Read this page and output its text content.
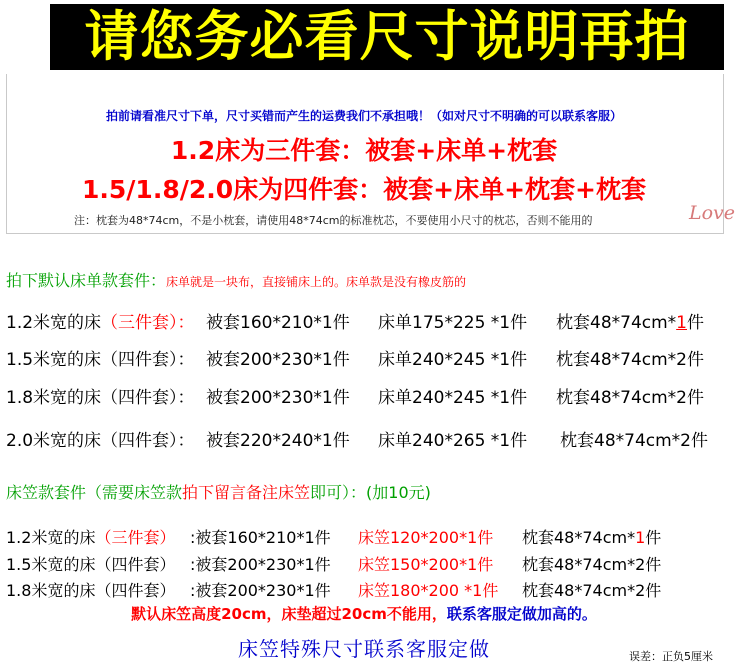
请您务必看尺寸说明再拍
拍前请看准尺寸下单，尺寸买错而产生的运费我们不承担哦！（如对尺寸不明确的可以联系客服）
1.2床为三件套：被套+床单+枕套
1.5/1.8/2.0床为四件套：被套+床单+枕套+枕套
注：枕套为48*74cm，不是小枕套，请使用48*74cm的标准枕芯，不要使用小尺寸的枕芯，否则不能用的	Love
拍下默认床单款套件：床单就是一块布，直接铺床上的。床单款是没有橡皮筋的
1.2米宽的床（三件套）： 被套160*210*1件 床单175*225 *1件 枕套48*74cm*1件
1.5米宽的床（四件套）： 被套200*230*1件 床单240*245 *1件 枕套48*74cm*2件
1.8米宽的床（四件套）： 被套200*230*1件 床单240*245 *1件 枕套48*74cm*2件
2.0米宽的床（四件套）： 被套220*240*1件 床单240*265 *1件 枕套48*74cm*2件
床笠款套件（需要床笠款拍下留言备注床笠即可）：(加10元)
1.2米宽的床（三件套） :被套160*210*1件 床笠120*200*1件 枕套48*74cm*1件
1.5米宽的床（四件套） :被套200*230*1件 床笠150*200*1件 枕套48*74cm*2件
1.8米宽的床（四件套） :被套200*230*1件 床笠180*200 *1件 枕套48*74cm*2件
默认床笠高度20cm，床垫超过20cm不能用，联系客服定做加高的。
床笠特殊尺寸联系客服定做	误差：正负5厘米
